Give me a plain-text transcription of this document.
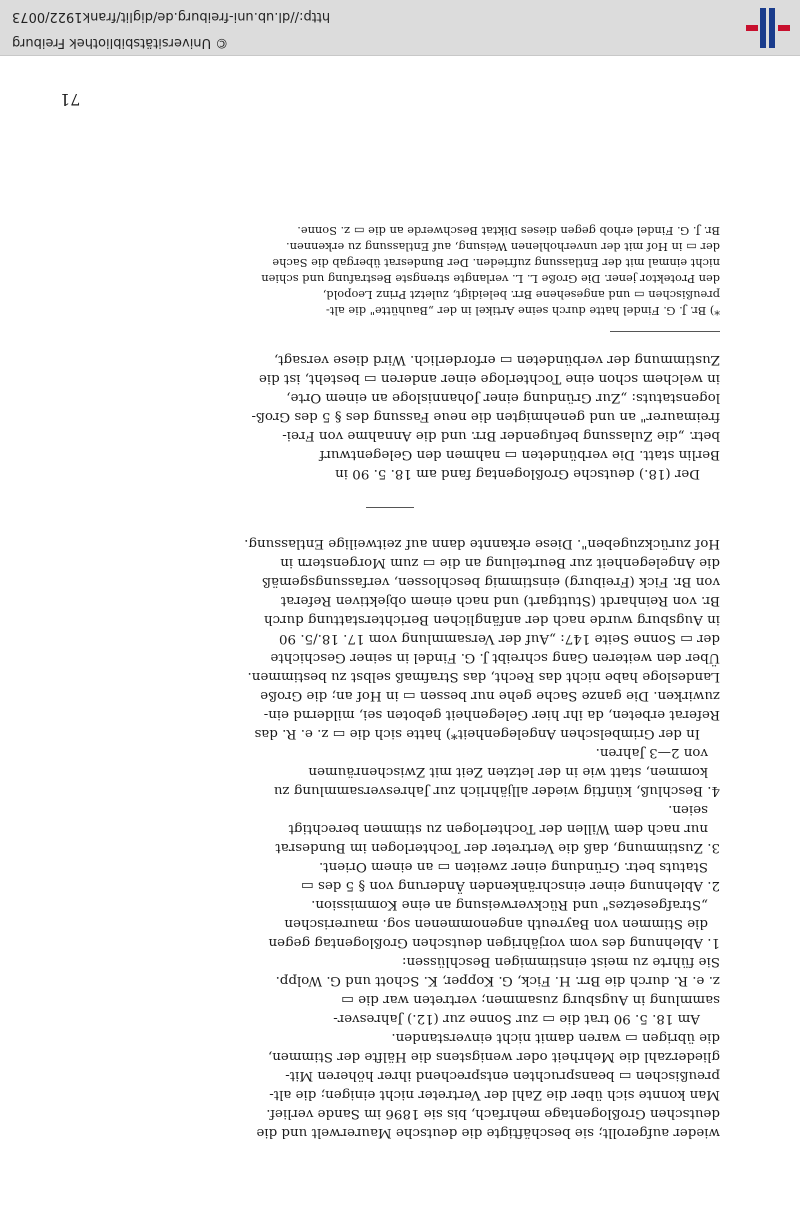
© Universitätsbibliothek Freiburg
http://dl.ub.uni-freiburg.de/diglit/frank1922/0073
wieder aufgerollt; sie beschäftigte die deutsche Maurerwelt und die
deutschen Großlogentage mehrfach, bis sie 1896 im Sande verlief.
Man konnte sich über die Zahl der Vertreter nicht einigen; die alt-
preußischen ▭ beanspruchten entsprechend ihrer höheren Mit-
gliederzahl die Mehrheit oder wenigstens die Hälfte der Stimmen,
die übrigen ▭ waren damit nicht einverstanden.
Am 18. 5. 90 trat die ▭ zur Sonne zur (12.) Jahresver-
sammlung in Augsburg zusammen; vertreten war die ▭
z. e. R. durch die Brr. H. Fick, G. Kopper, K. Schott und G. Wolpp.
Sie führte zu meist einstimmigen Beschlüssen:
1. Ablehnung des vom vorjährigen deutschen Großlogentag gegen
die Stimmen von Bayreuth angenommenen sog. maurerischen
„Strafgesetzes" und Rückverweisung an eine Kommission.
2. Ablehnung einer einschränkenden Änderung von § 5 des ▭
Statuts betr. Gründung einer zweiten ▭ an einem Orient.
3. Zustimmung, daß die Vertreter der Tochterlogen im Bundesrat
nur nach dem Willen der Tochterlogen zu stimmen berechtigt
seien.
4. Beschluß, künftig wieder alljährlich zur Jahresversammlung zu
kommen, statt wie in der letzten Zeit mit Zwischenräumen
von 2—3 Jahren.
In der Grimbelschen Angelegenheit*) hatte sich die ▭ z. e. R. das
Referat erbeten, da ihr hier Gelegenheit geboten sei, mildernd ein-
zuwirken. Die ganze Sache gehe nur bessen ▭ in Hof an; die Große
Landesloge habe nicht das Recht, das Strafmaß selbst zu bestimmen.
Über den weiteren Gang schreibt J. G. Findel in seiner Geschichte
der ▭ Sonne Seite 147: „Auf der Versammlung vom 17. 18./5. 90
in Augsburg wurde nach der anfänglichen Berichterstattung durch
Br. von Reinhardt (Stuttgart) und nach einem objektiven Referat
von Br. Fick (Freiburg) einstimmig beschlossen, verfassungsgemäß
die Angelegenheit zur Beurteilung an die ▭ zum Morgenstern in
Hof zurückzugeben". Diese erkannte dann auf zeitweilige Entlassung.
Der (18.) deutsche Großlogentag fand am 18. 5. 90 in
Berlin statt. Die verbündeten ▭ nahmen den Gelegentwurf
betr. „die Zulassung befugender Brr. und die Annahme von Frei-
freimaurer" an und genehmigten die neue Fassung des § 5 des Groß-
logenstatuts: „Zur Gründung einer Johannisloge an einem Orte,
in welchem schon eine Tochterloge einer anderen ▭ besteht, ist die
Zustimmung der verbündeten ▭ erforderlich. Wird diese versagt,
*) Br. J. G. Findel hatte durch seine Artikel in der „Bauhütte" die alt-
preußischen ▭ und angesehene Brr. beleidigt, zuletzt Prinz Leopold,
den Protektor jener. Die Große L. L. verlangte strengste Bestrafung und schien
nicht einmal mit der Entlassung zufrieden. Der Bundesrat übergab die Sache
der ▭ in Hof mit der unverhohlenen Weisung, auf Entlassung zu erkennen.
Br. J. G. Findel erhob gegen dieses Diktat Beschwerde an die ▭ z. Sonne.
71
